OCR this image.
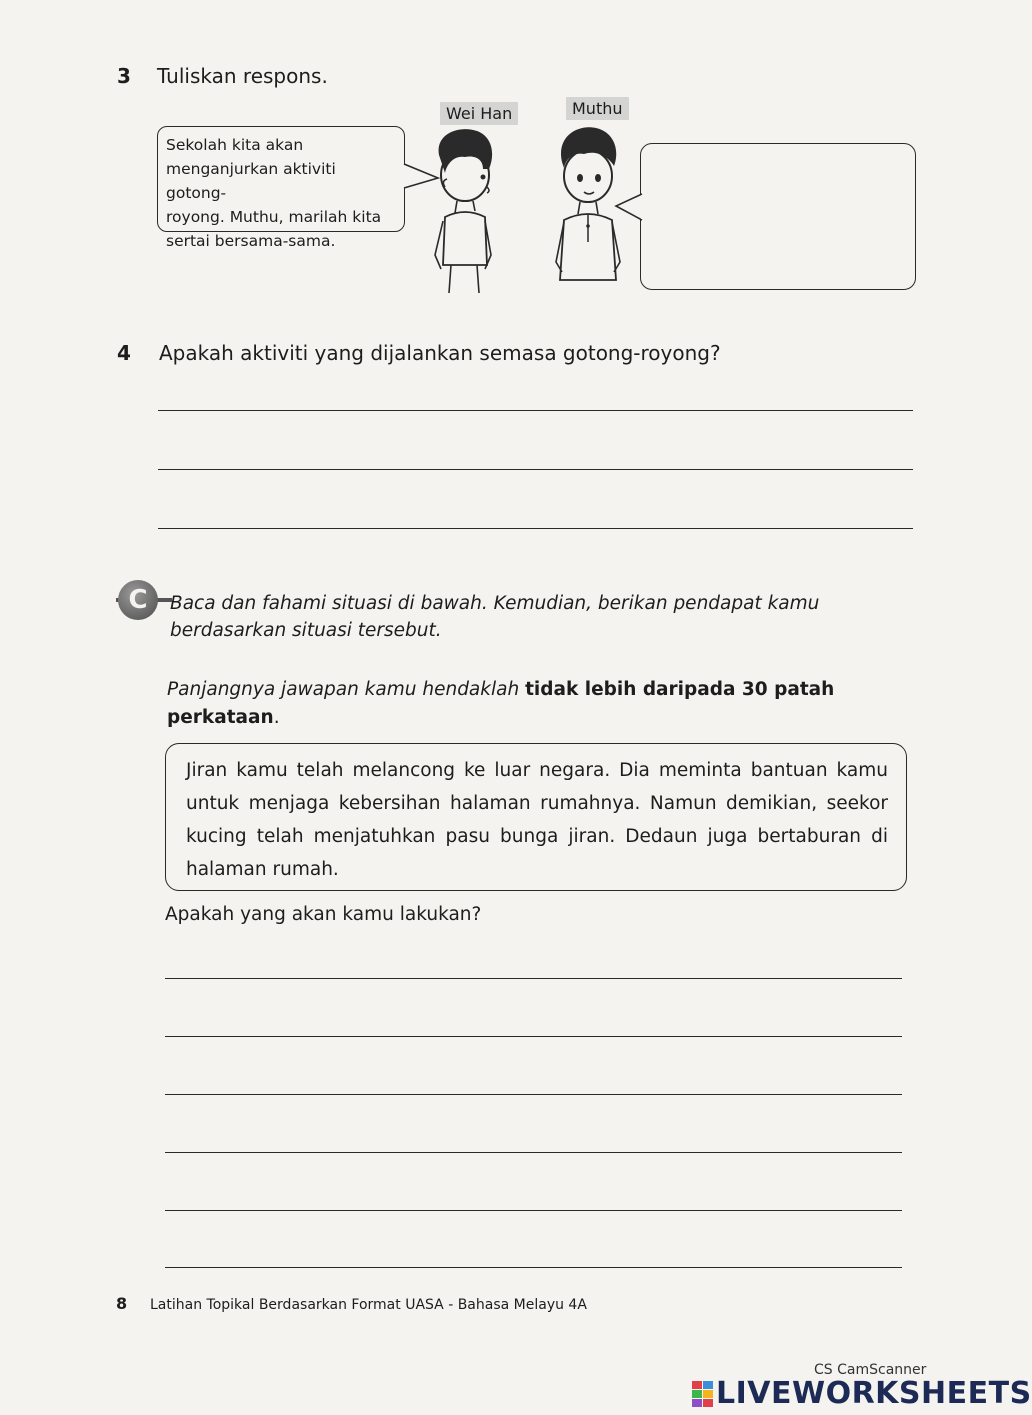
3 Tuliskan respons.
Wei Han	Muthu
Sekolah kita akan
menganjurkan aktiviti gotong-
royong. Muthu, marilah kita
sertai bersama-sama.
4 Apakah aktiviti yang dijalankan semasa gotong-royong?
C	Baca dan fahami situasi di bawah. Kemudian, berikan pendapat kamu
berdasarkan situasi tersebut.
Panjangnya jawapan kamu hendaklah tidak lebih daripada 30 patah
perkataan.
Jiran kamu telah melancong ke luar negara. Dia meminta bantuan kamu untuk menjaga kebersihan halaman rumahnya. Namun demikian, seekor kucing telah menjatuhkan pasu bunga jiran. Dedaun juga bertaburan di halaman rumah.
Apakah yang akan kamu lakukan?
8 Latihan Topikal Berdasarkan Format UASA - Bahasa Melayu 4A
CS CamScanner
LIVEWORKSHEETS
